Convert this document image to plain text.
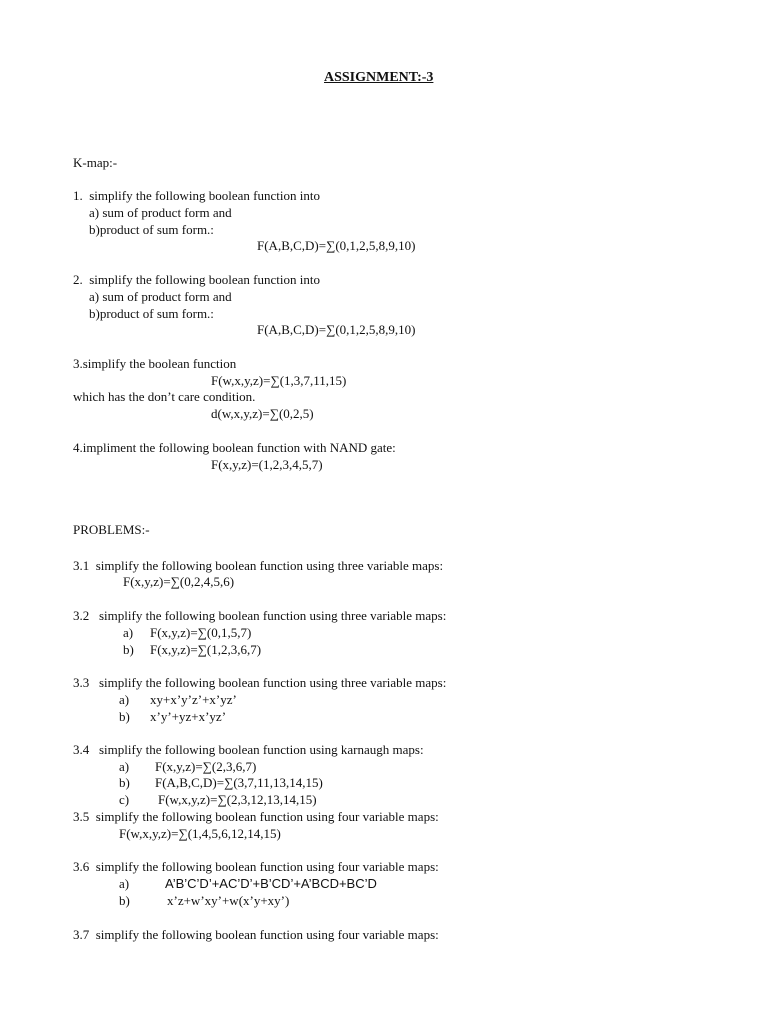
ASSIGNMENT:-3
K-map:-
1.  simplify the following boolean function into
a) sum of product form and
b)product of sum form.:
F(A,B,C,D)=∑(0,1,2,5,8,9,10)
2.  simplify the following boolean function into
a) sum of product form and
b)product of sum form.:
F(A,B,C,D)=∑(0,1,2,5,8,9,10)
3.simplify the boolean function
F(w,x,y,z)=∑(1,3,7,11,15)
which has the don’t care condition.
d(w,x,y,z)=∑(0,2,5)
4.impliment the following boolean function with NAND gate:
F(x,y,z)=(1,2,3,4,5,7)
PROBLEMS:-
3.1  simplify the following boolean function using three variable maps:
F(x,y,z)=∑(0,2,4,5,6)
3.2   simplify the following boolean function using three variable maps:
a) F(x,y,z)=∑(0,1,5,7)
b) F(x,y,z)=∑(1,2,3,6,7)
3.3   simplify the following boolean function using three variable maps:
a) xy+x’y’z’+x’yz’
b) x’y’+yz+x’yz’
3.4   simplify the following boolean function using karnaugh maps:
a) F(x,y,z)=∑(2,3,6,7)
b) F(A,B,C,D)=∑(3,7,11,13,14,15)
c) F(w,x,y,z)=∑(2,3,12,13,14,15)
3.5  simplify the following boolean function using four variable maps:
F(w,x,y,z)=∑(1,4,5,6,12,14,15)
3.6  simplify the following boolean function using four variable maps:
a)	A’B’C’D’+AC’D’+B’CD’+A’BCD+BC’D
b)	x’z+w’xy’+w(x’y+xy’)
3.7  simplify the following boolean function using four variable maps:
